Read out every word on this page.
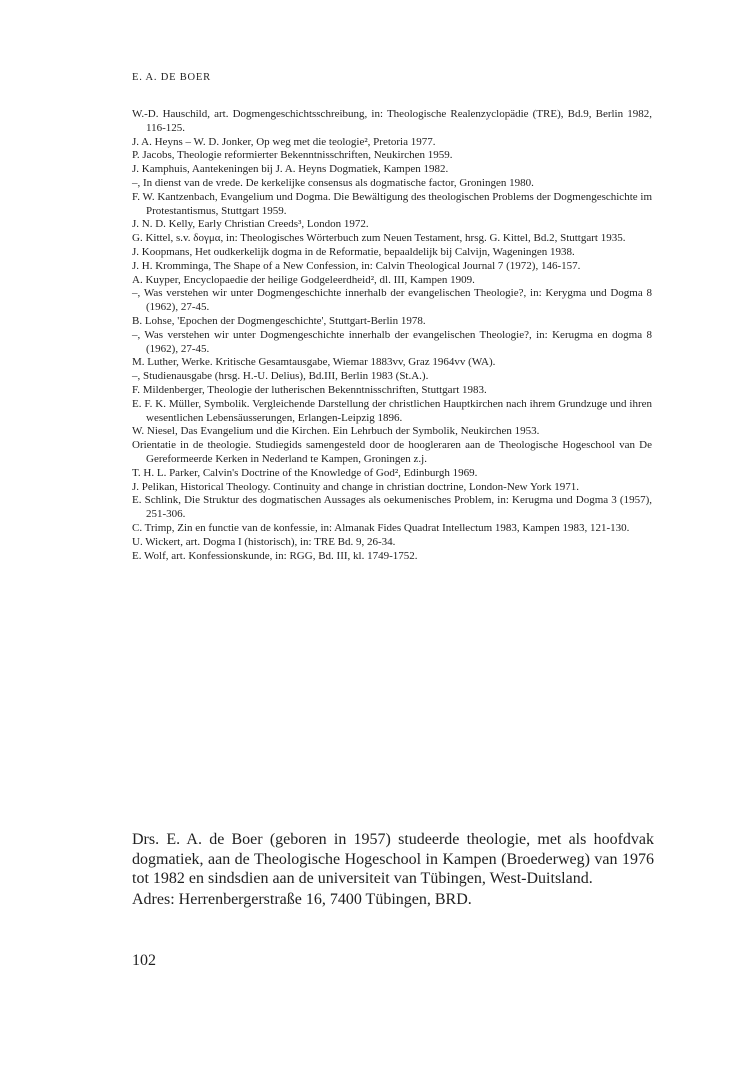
E. A. DE BOER

W.-D. Hauschild, art. Dogmengeschichtsschreibung, in: Theologische Realenzyclopädie (TRE), Bd.9, Berlin 1982, 116-125.

J. A. Heyns – W. D. Jonker, Op weg met die teologie², Pretoria 1977.

P. Jacobs, Theologie reformierter Bekenntnisschriften, Neukirchen 1959.

J. Kamphuis, Aantekeningen bij J. A. Heyns Dogmatiek, Kampen 1982.

–, In dienst van de vrede. De kerkelijke consensus als dogmatische factor, Groningen 1980.

F. W. Kantzenbach, Evangelium und Dogma. Die Bewältigung des theologischen Problems der Dogmengeschichte im Protestantismus, Stuttgart 1959.

J. N. D. Kelly, Early Christian Creeds³, London 1972.

G. Kittel, s.v. δογμα, in: Theologisches Wörterbuch zum Neuen Testament, hrsg. G. Kittel, Bd.2, Stuttgart 1935.

J. Koopmans, Het oudkerkelijk dogma in de Reformatie, bepaaldelijk bij Calvijn, Wageningen 1938.

J. H. Kromminga, The Shape of a New Confession, in: Calvin Theological Journal 7 (1972), 146-157.

A. Kuyper, Encyclopaedie der heilige Godgeleerdheid², dl. III, Kampen 1909.

–, Was verstehen wir unter Dogmengeschichte innerhalb der evangelischen Theologie?, in: Kerygma und Dogma 8 (1962), 27-45.

B. Lohse, 'Epochen der Dogmengeschichte', Stuttgart-Berlin 1978.

–, Was verstehen wir unter Dogmengeschichte innerhalb der evangelischen Theologie?, in: Kerugma en dogma 8 (1962), 27-45.

M. Luther, Werke. Kritische Gesamtausgabe, Wiemar 1883vv, Graz 1964vv (WA).

–, Studienausgabe (hrsg. H.-U. Delius), Bd.III, Berlin 1983 (St.A.).

F. Mildenberger, Theologie der lutherischen Bekenntnisschriften, Stuttgart 1983.

E. F. K. Müller, Symbolik. Vergleichende Darstellung der christlichen Hauptkirchen nach ihrem Grundzuge und ihren wesentlichen Lebensäusserungen, Erlangen-Leipzig 1896.

W. Niesel, Das Evangelium und die Kirchen. Ein Lehrbuch der Symbolik, Neukirchen 1953.

Orientatie in de theologie. Studiegids samengesteld door de hoogleraren aan de Theologische Hogeschool van De Gereformeerde Kerken in Nederland te Kampen, Groningen z.j.

T. H. L. Parker, Calvin's Doctrine of the Knowledge of God², Edinburgh 1969.

J. Pelikan, Historical Theology. Continuity and change in christian doctrine, London-New York 1971.

E. Schlink, Die Struktur des dogmatischen Aussages als oekumenisches Problem, in: Kerugma und Dogma 3 (1957), 251-306.

C. Trimp, Zin en functie van de konfessie, in: Almanak Fides Quadrat Intellectum 1983, Kampen 1983, 121-130.

U. Wickert, art. Dogma I (historisch), in: TRE Bd. 9, 26-34.

E. Wolf, art. Konfessionskunde, in: RGG, Bd. III, kl. 1749-1752.

Drs. E. A. de Boer (geboren in 1957) studeerde theologie, met als hoofdvak dogmatiek, aan de Theologische Hogeschool in Kampen (Broederweg) van 1976 tot 1982 en sindsdien aan de universiteit van Tübingen, West-Duitsland.

Adres: Herrenbergerstraße 16, 7400 Tübingen, BRD.

102
